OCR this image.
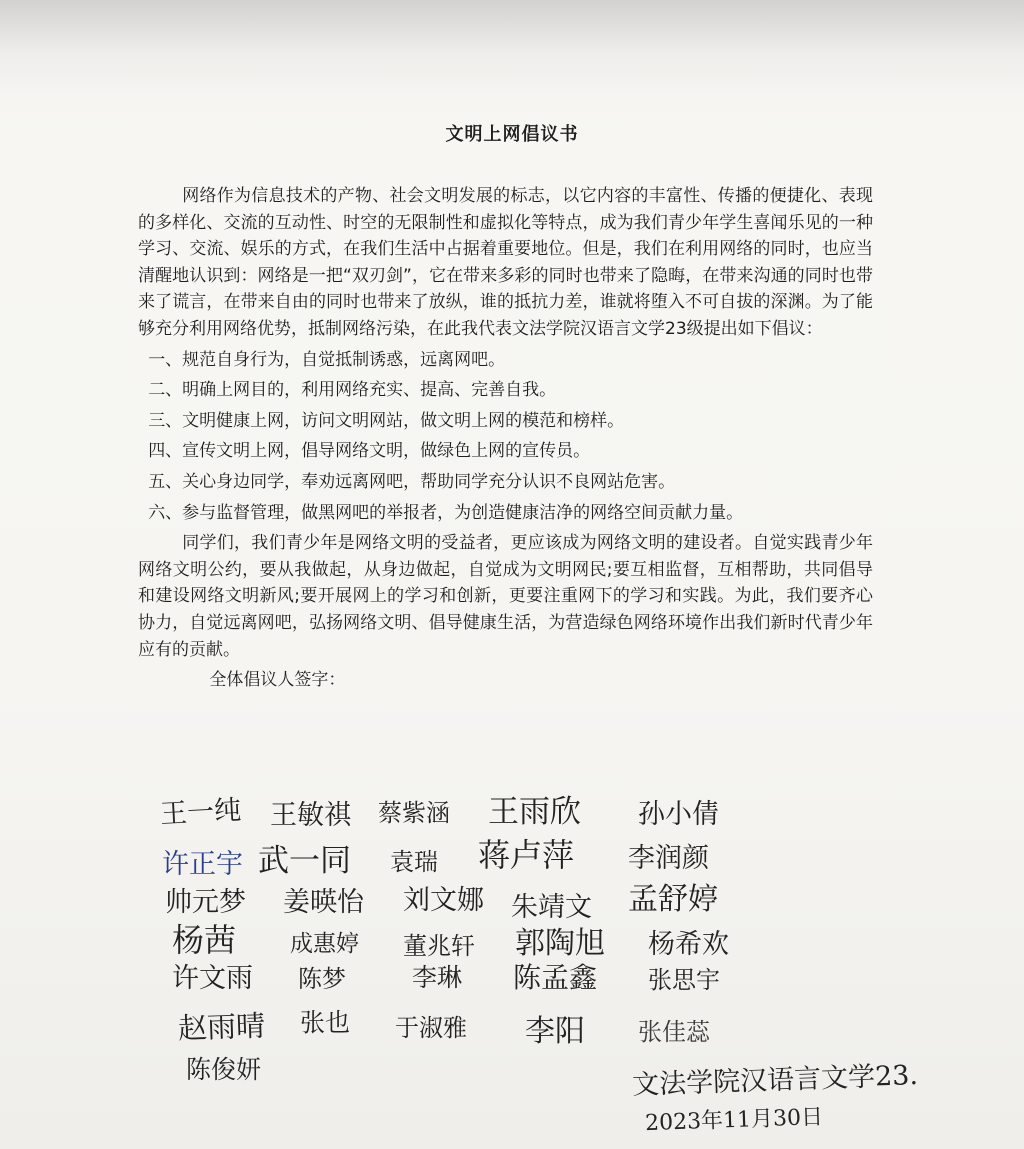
文明上网倡议书

网络作为信息技术的产物、社会文明发展的标志，以它内容的丰富性、传播的便捷化、表现的多样化、交流的互动性、时空的无限制性和虚拟化等特点，成为我们青少年学生喜闻乐见的一种学习、交流、娱乐的方式，在我们生活中占据着重要地位。但是，我们在利用网络的同时，也应当清醒地认识到：网络是一把“双刃剑”，它在带来多彩的同时也带来了隐晦，在带来沟通的同时也带来了谎言，在带来自由的同时也带来了放纵，谁的抵抗力差，谁就将堕入不可自拔的深渊。为了能够充分利用网络优势，抵制网络污染，在此我代表文法学院汉语言文学23级提出如下倡议：

一、规范自身行为，自觉抵制诱惑，远离网吧。

二、明确上网目的，利用网络充实、提高、完善自我。

三、文明健康上网，访问文明网站，做文明上网的模范和榜样。

四、宣传文明上网，倡导网络文明，做绿色上网的宣传员。

五、关心身边同学，奉劝远离网吧，帮助同学充分认识不良网站危害。

六、参与监督管理，做黑网吧的举报者，为创造健康洁净的网络空间贡献力量。

同学们，我们青少年是网络文明的受益者，更应该成为网络文明的建设者。自觉实践青少年网络文明公约，要从我做起，从身边做起，自觉成为文明网民;要互相监督，互相帮助，共同倡导和建设网络文明新风;要开展网上的学习和创新，更要注重网下的学习和实践。为此，我们要齐心协力，自觉远离网吧，弘扬网络文明、倡导健康生活，为营造绿色网络环境作出我们新时代青少年应有的贡献。

全体倡议人签字：

王一纯 王敏祺 蔡紫涵 王雨欣 孙小倩
许正宇 武一同 袁瑞 蒋卢萍 李润颜
帅元梦 姜暎怡 刘文娜 朱靖文 孟舒婷
杨茜 成惠婷 董兆轩 郭陶旭 杨希欢
许文雨 陈梦	李琳 陈孟鑫 张思宇
赵雨晴 张也 于淑雅 李阳 张佳蕊
陈俊妍	文法学院汉语言文学23.
2023年11月30日
